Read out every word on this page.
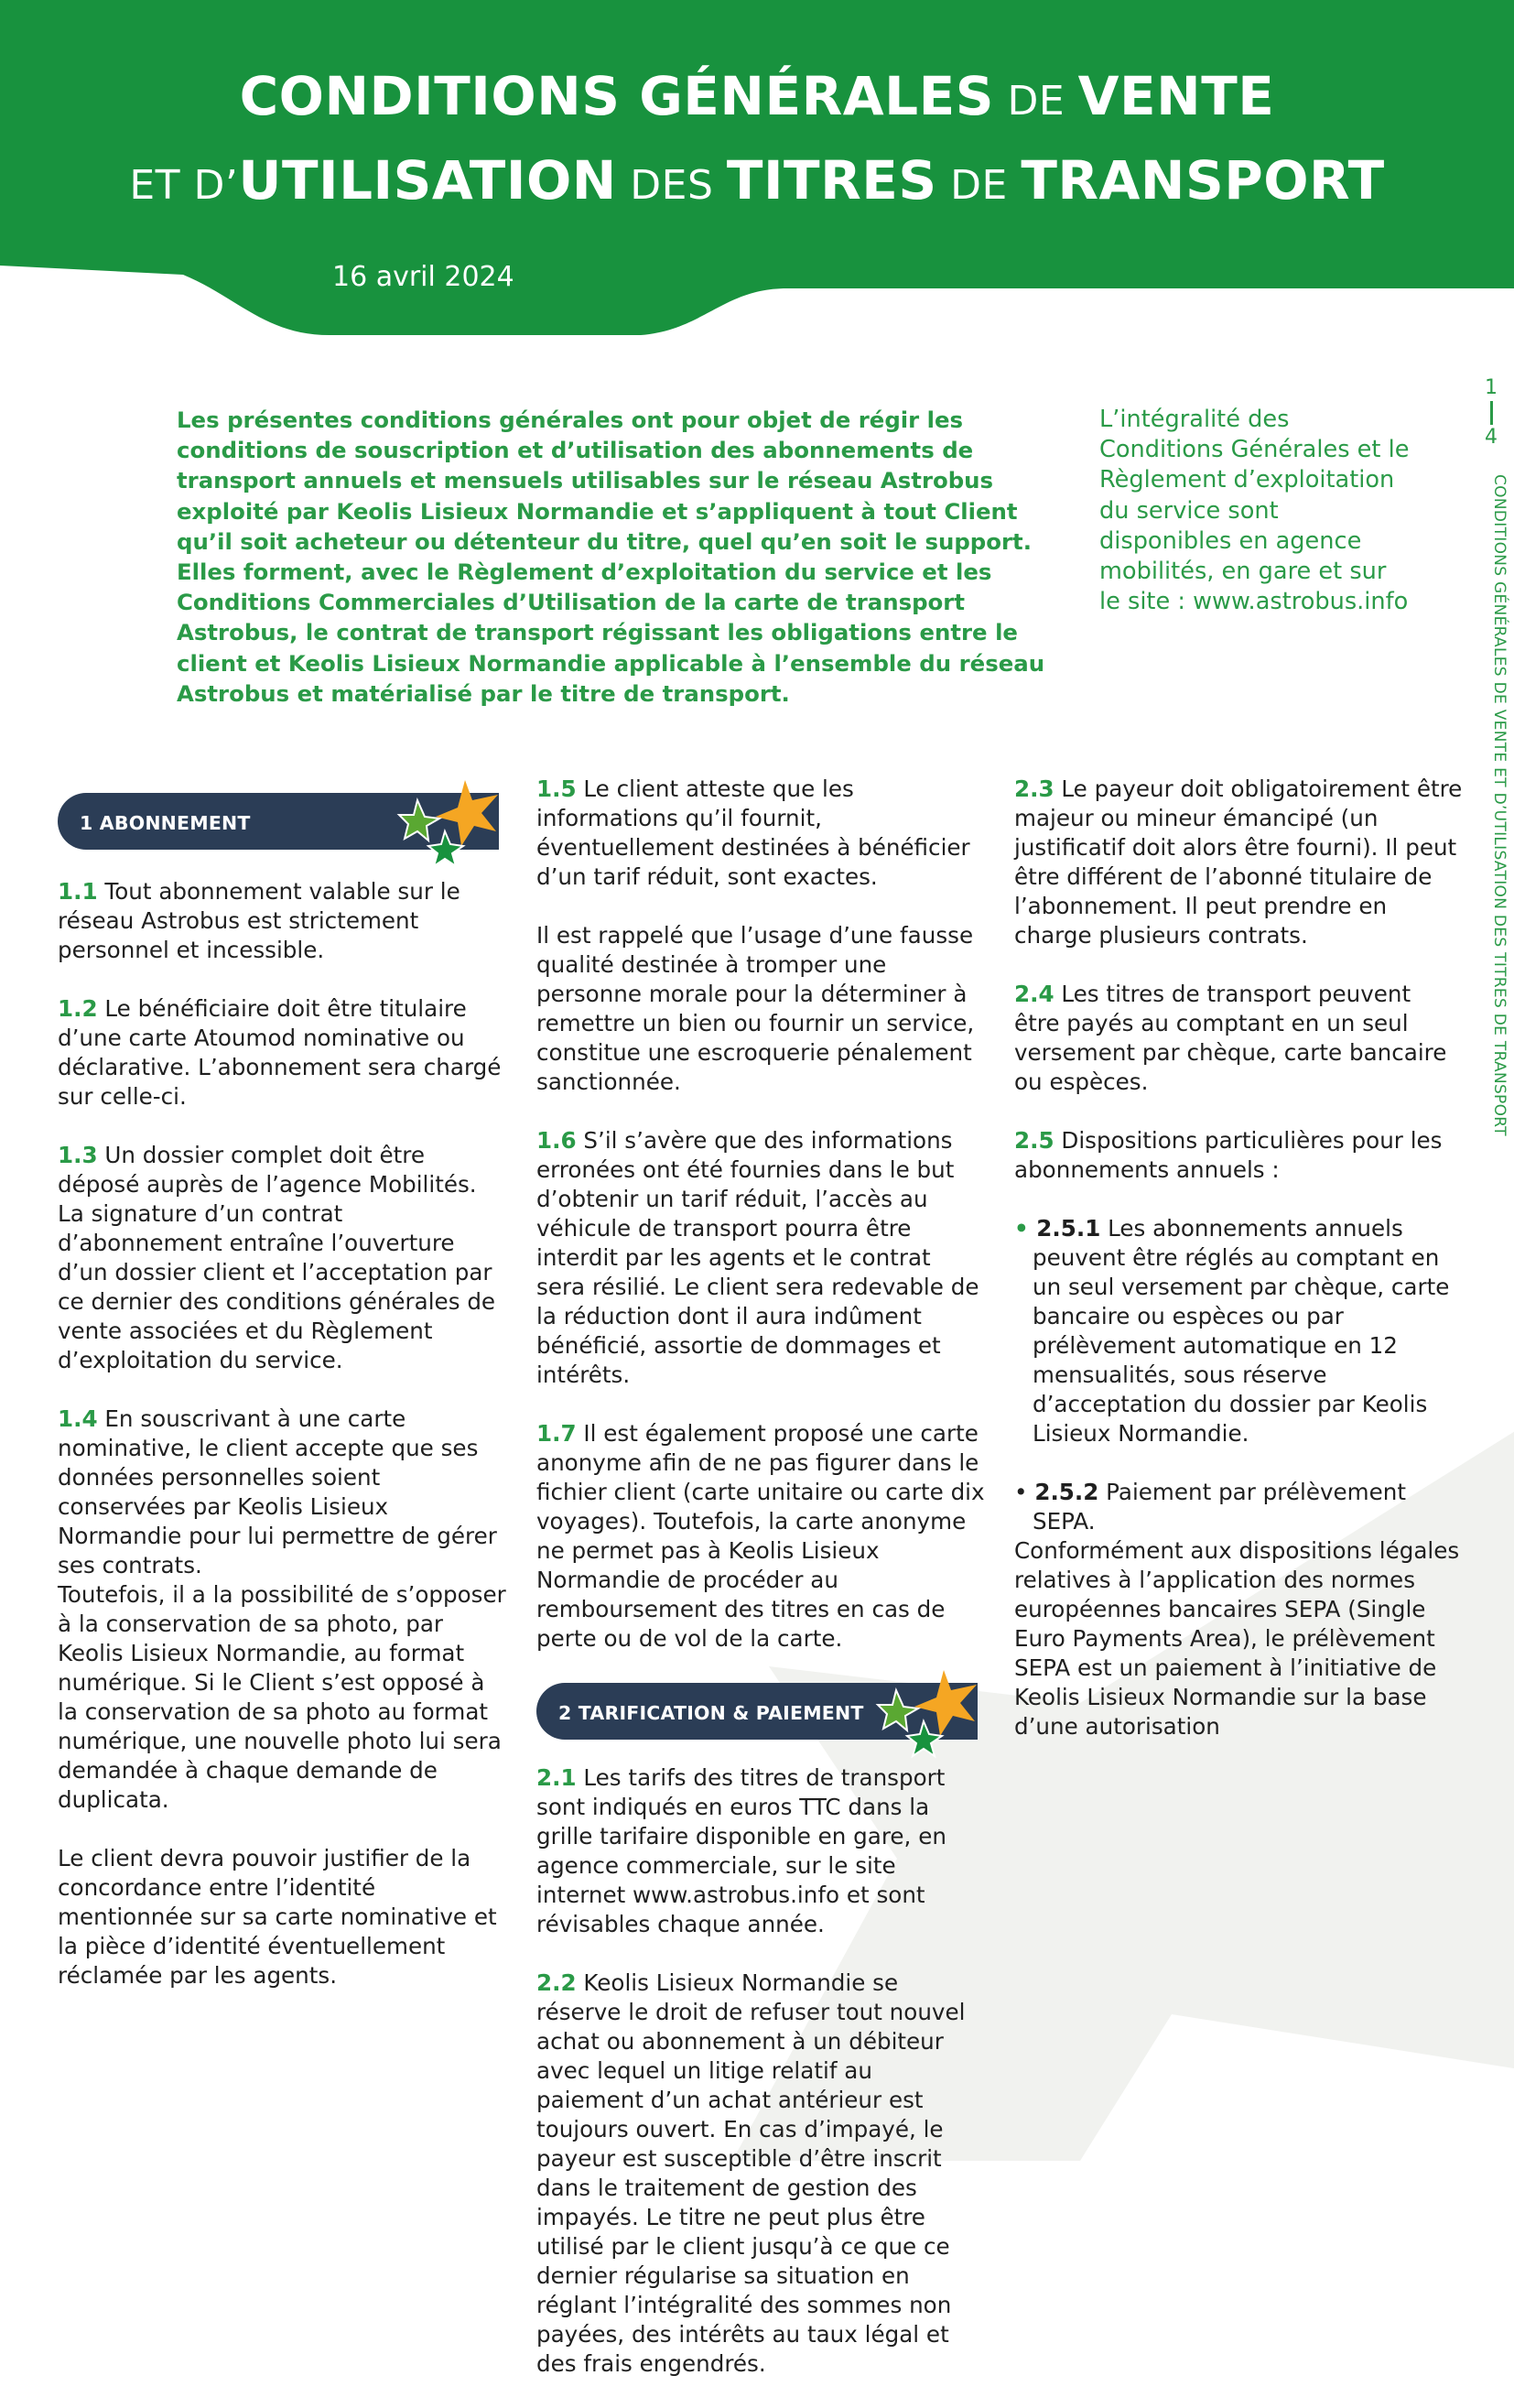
CONDITIONS GÉNÉRALES DE VENTE
ET D’UTILISATION DES TITRES DE TRANSPORT
16 avril 2024
1
4
CONDITIONS GÉNÉRALES DE VENTE ET D’UTILISATION DES TITRES DE TRANSPORT

Les présentes conditions générales ont pour objet de régir les conditions de souscription et d’utilisation des abonnements de transport annuels et mensuels utilisables sur le réseau Astrobus exploité par Keolis Lisieux Normandie et s’appliquent à tout Client qu’il soit acheteur ou détenteur du titre, quel qu’en soit le support. Elles forment, avec le Règlement d’exploitation du service et les Conditions Commerciales d’Utilisation de la carte de transport Astrobus, le contrat de transport régissant les obligations entre le client et Keolis Lisieux Normandie applicable à l’ensemble du réseau Astrobus et matérialisé par le titre de transport.

L’intégralité des Conditions Générales et le Règlement d’exploitation du service sont disponibles en agence mobilités, en gare et sur le site : www.astrobus.info

1 ABONNEMENT

1.1 Tout abonnement valable sur le réseau Astrobus est strictement personnel et incessible.

1.2 Le bénéficiaire doit être titulaire d’une carte Atoumod nominative ou déclarative. L’abonnement sera chargé sur celle-ci.

1.3 Un dossier complet doit être déposé auprès de l’agence Mobilités. La signature d’un contrat d’abonnement entraîne l’ouverture d’un dossier client et l’acceptation par ce dernier des conditions générales de vente associées et du Règlement d’exploitation du service.

1.4 En souscrivant à une carte nominative, le client accepte que ses données personnelles soient conservées par Keolis Lisieux Normandie pour lui permettre de gérer ses contrats.
Toutefois, il a la possibilité de s’opposer à la conservation de sa photo, par Keolis Lisieux Normandie, au format numérique. Si le Client s’est opposé à la conservation de sa photo au format numérique, une nouvelle photo lui sera demandée à chaque demande de duplicata.

Le client devra pouvoir justifier de la concordance entre l’identité mentionnée sur sa carte nominative et la pièce d’identité éventuellement réclamée par les agents.

1.5 Le client atteste que les informations qu’il fournit, éventuellement destinées à bénéficier d’un tarif réduit, sont exactes.

Il est rappelé que l’usage d’une fausse qualité destinée à tromper une personne morale pour la déterminer à remettre un bien ou fournir un service, constitue une escroquerie pénalement sanctionnée.

1.6 S’il s’avère que des informations erronées ont été fournies dans le but d’obtenir un tarif réduit, l’accès au véhicule de transport pourra être interdit par les agents et le contrat sera résilié. Le client sera redevable de la réduction dont il aura indûment bénéficié, assortie de dommages et intérêts.

1.7 Il est également proposé une carte anonyme afin de ne pas figurer dans le fichier client (carte unitaire ou carte dix voyages). Toutefois, la carte anonyme ne permet pas à Keolis Lisieux Normandie de procéder au remboursement des titres en cas de perte ou de vol de la carte.

2 TARIFICATION & PAIEMENT

2.1 Les tarifs des titres de transport sont indiqués en euros TTC dans la grille tarifaire disponible en gare, en agence commerciale, sur le site internet www.astrobus.info et sont révisables chaque année.

2.2 Keolis Lisieux Normandie se réserve le droit de refuser tout nouvel achat ou abonnement à un débiteur avec lequel un litige relatif au paiement d’un achat antérieur est toujours ouvert. En cas d’impayé, le payeur est susceptible d’être inscrit dans le traitement de gestion des impayés. Le titre ne peut plus être utilisé par le client jusqu’à ce que ce dernier régularise sa situation en réglant l’intégralité des sommes non payées, des intérêts au taux légal et des frais engendrés.

2.3 Le payeur doit obligatoirement être majeur ou mineur émancipé (un justificatif doit alors être fourni). Il peut être différent de l’abonné titulaire de l’abonnement. Il peut prendre en charge plusieurs contrats.

2.4 Les titres de transport peuvent être payés au comptant en un seul versement par chèque, carte bancaire ou espèces.

2.5 Dispositions particulières pour les abonnements annuels :

• 2.5.1 Les abonnements annuels peuvent être réglés au comptant en un seul versement par chèque, carte bancaire ou espèces ou par prélèvement automatique en 12 mensualités, sous réserve d’acceptation du dossier par Keolis Lisieux Normandie.

• 2.5.2 Paiement par prélèvement SEPA.

Conformément aux dispositions légales relatives à l’application des normes européennes bancaires SEPA (Single Euro Payments Area), le prélèvement SEPA est un paiement à l’initiative de Keolis Lisieux Normandie sur la base d’une autorisation
